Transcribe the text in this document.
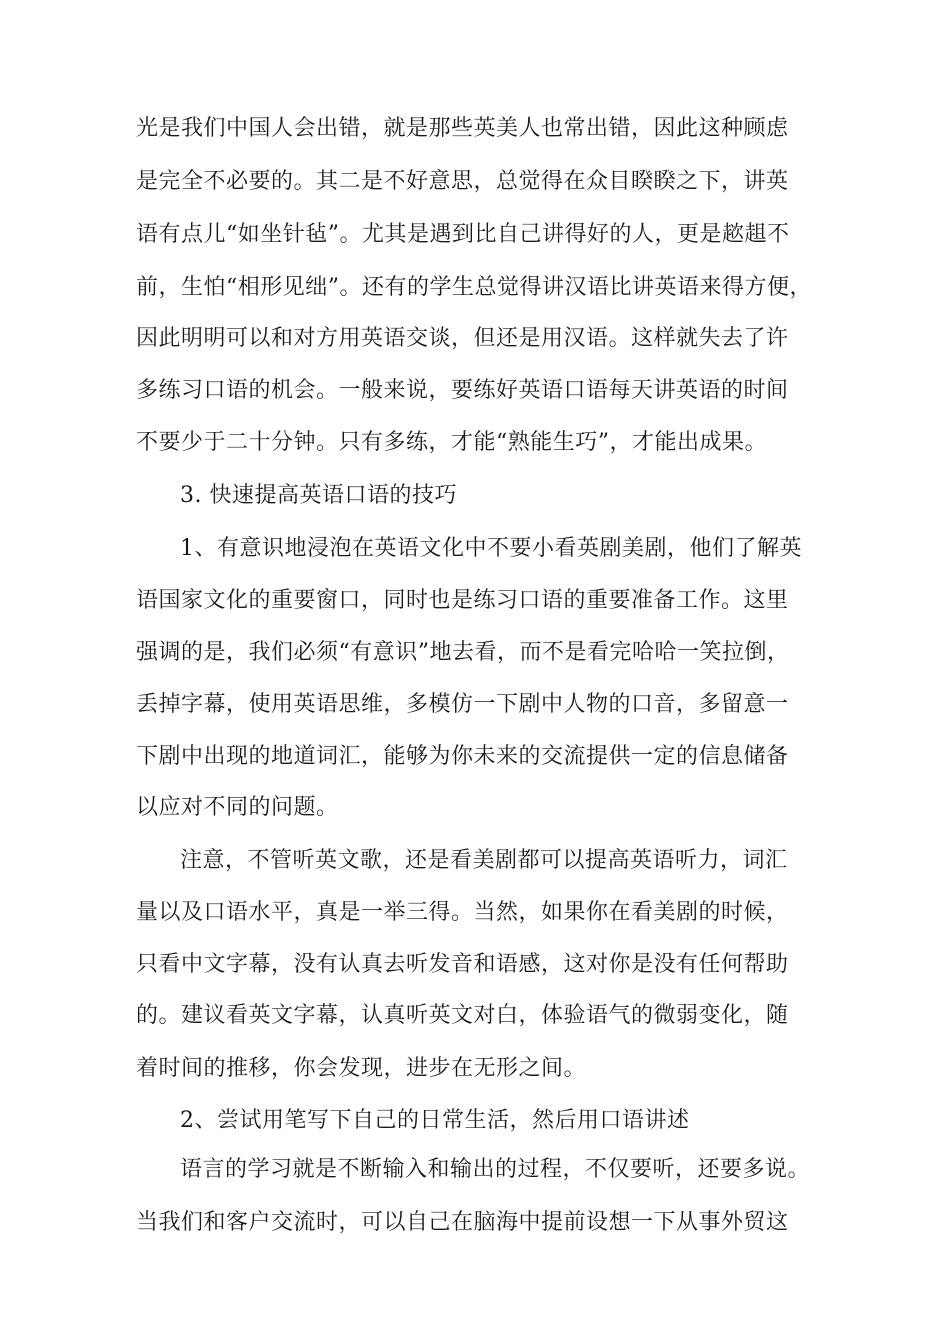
光是我们中国人会出错，就是那些英美人也常出错，因此这种顾虑
是完全不必要的。其二是不好意思，总觉得在众目睽睽之下，讲英
语有点儿“如坐针毡”。尤其是遇到比自己讲得好的人，更是趑趄不
前，生怕“相形见绌”。还有的学生总觉得讲汉语比讲英语来得方便，
因此明明可以和对方用英语交谈，但还是用汉语。这样就失去了许
多练习口语的机会。一般来说，要练好英语口语每天讲英语的时间
不要少于二十分钟。只有多练，才能“熟能生巧”，才能出成果。
3. 快速提高英语口语的技巧
1、有意识地浸泡在英语文化中不要小看英剧美剧，他们了解英
语国家文化的重要窗口，同时也是练习口语的重要准备工作。这里
强调的是，我们必须“有意识”地去看，而不是看完哈哈一笑拉倒，
丢掉字幕，使用英语思维，多模仿一下剧中人物的口音，多留意一
下剧中出现的地道词汇，能够为你未来的交流提供一定的信息储备
以应对不同的问题。
注意，不管听英文歌，还是看美剧都可以提高英语听力，词汇
量以及口语水平，真是一举三得。当然，如果你在看美剧的时候，
只看中文字幕，没有认真去听发音和语感，这对你是没有任何帮助
的。建议看英文字幕，认真听英文对白，体验语气的微弱变化，随
着时间的推移，你会发现，进步在无形之间。
2、尝试用笔写下自己的日常生活，然后用口语讲述
语言的学习就是不断输入和输出的过程，不仅要听，还要多说。
当我们和客户交流时，可以自己在脑海中提前设想一下从事外贸这
